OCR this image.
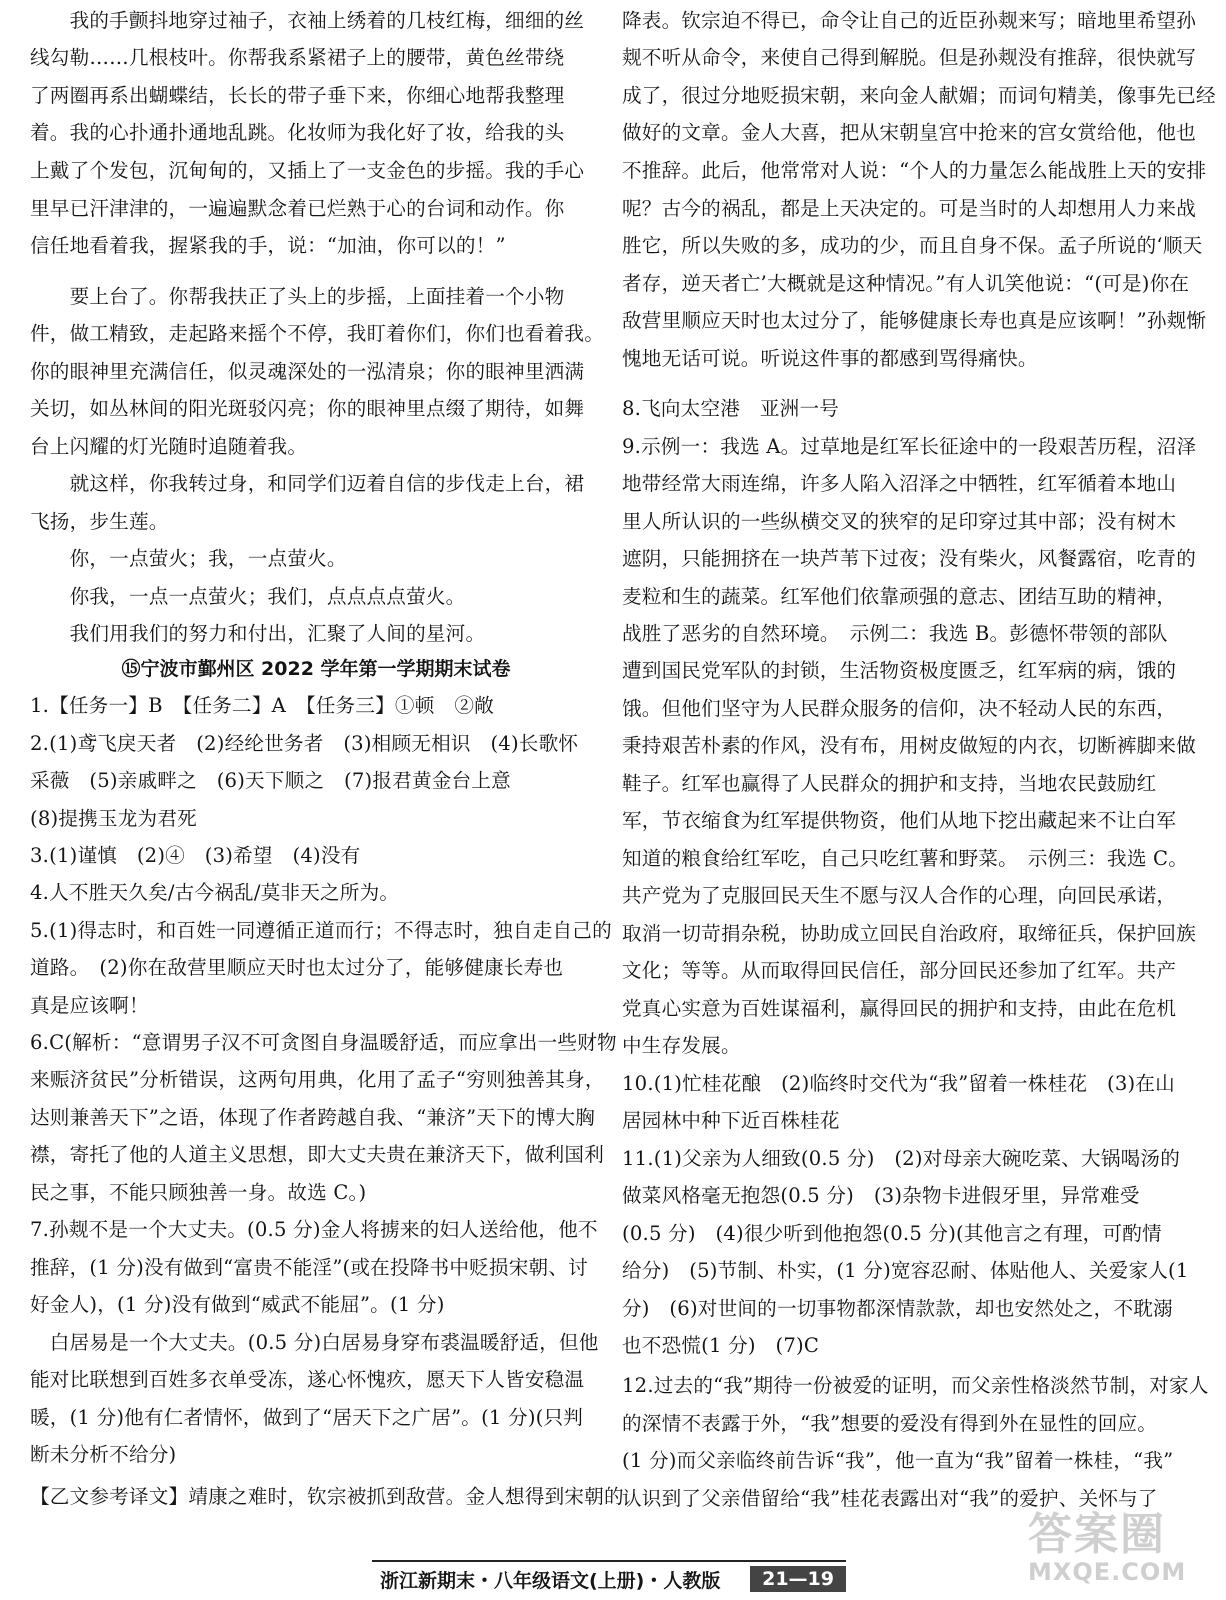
　　我的手颤抖地穿过袖子，衣袖上绣着的几枝红梅，细细的丝
线勾勒……几根枝叶。你帮我系紧裙子上的腰带，黄色丝带绕
了两圈再系出蝴蝶结，长长的带子垂下来，你细心地帮我整理
着。我的心扑通扑通地乱跳。化妆师为我化好了妆，给我的头
上戴了个发包，沉甸甸的，又插上了一支金色的步摇。我的手心
里早已汗津津的，一遍遍默念着已烂熟于心的台词和动作。你
信任地看着我，握紧我的手，说：“加油，你可以的！”
　　要上台了。你帮我扶正了头上的步摇，上面挂着一个小物
件，做工精致，走起路来摇个不停，我盯着你们，你们也看着我。
你的眼神里充满信任，似灵魂深处的一泓清泉；你的眼神里洒满
关切，如丛林间的阳光斑驳闪亮；你的眼神里点缀了期待，如舞
台上闪耀的灯光随时追随着我。
　　就这样，你我转过身，和同学们迈着自信的步伐走上台，裙
飞扬，步生莲。
　　你，一点萤火；我，一点萤火。
　　你我，一点一点萤火；我们，点点点点萤火。
　　我们用我们的努力和付出，汇聚了人间的星河。
⑮宁波市鄞州区 2022 学年第一学期期末试卷
1.【任务一】B　【任务二】A　【任务三】①顿　②敞
2.(1)鸢飞戾天者　(2)经纶世务者　(3)相顾无相识　(4)长歌怀
采薇　(5)亲戚畔之　(6)天下顺之　(7)报君黄金台上意
(8)提携玉龙为君死
3.(1)谨慎　(2)④　(3)希望　(4)没有
4.人不胜天久矣/古今祸乱/莫非天之所为。
5.(1)得志时，和百姓一同遵循正道而行；不得志时，独自走自己的
道路。　(2)你在敌营里顺应天时也太过分了，能够健康长寿也
真是应该啊！
6.C(解析：“意谓男子汉不可贪图自身温暖舒适，而应拿出一些财物
来赈济贫民”分析错误，这两句用典，化用了孟子“穷则独善其身，
达则兼善天下”之语，体现了作者跨越自我、“兼济”天下的博大胸
襟，寄托了他的人道主义思想，即大丈夫贵在兼济天下，做利国利
民之事，不能只顾独善一身。故选 C。)
7.孙觌不是一个大丈夫。(0.5 分)金人将掳来的妇人送给他，他不
推辞，(1 分)没有做到“富贵不能淫”(或在投降书中贬损宋朝、讨
好金人)，(1 分)没有做到“威武不能屈”。(1 分)
　白居易是一个大丈夫。(0.5 分)白居易身穿布裘温暖舒适，但他
能对比联想到百姓多衣单受冻，遂心怀愧疚，愿天下人皆安稳温
暖，(1 分)他有仁者情怀，做到了“居天下之广居”。(1 分)(只判
断未分析不给分)
【乙文参考译文】靖康之难时，钦宗被抓到敌营。金人想得到宋朝的
降表。钦宗迫不得已，命令让自己的近臣孙觌来写；暗地里希望孙
觌不听从命令，来使自己得到解脱。但是孙觌没有推辞，很快就写
成了，很过分地贬损宋朝，来向金人献媚；而词句精美，像事先已经
做好的文章。金人大喜，把从宋朝皇宫中抢来的宫女赏给他，他也
不推辞。此后，他常常对人说：“个人的力量怎么能战胜上天的安排
呢？古今的祸乱，都是上天决定的。可是当时的人却想用人力来战
胜它，所以失败的多，成功的少，而且自身不保。孟子所说的‘顺天
者存，逆天者亡’大概就是这种情况。”有人讥笑他说：“(可是)你在
敌营里顺应天时也太过分了，能够健康长寿也真是应该啊！”孙觌惭
愧地无话可说。听说这件事的都感到骂得痛快。
8.飞向太空港　亚洲一号
9.示例一：我选 A。过草地是红军长征途中的一段艰苦历程，沼泽
地带经常大雨连绵，许多人陷入沼泽之中牺牲，红军循着本地山
里人所认识的一些纵横交叉的狭窄的足印穿过其中部；没有树木
遮阴，只能拥挤在一块芦苇下过夜；没有柴火，风餐露宿，吃青的
麦粒和生的蔬菜。红军他们依靠顽强的意志、团结互助的精神，
战胜了恶劣的自然环境。　示例二：我选 B。彭德怀带领的部队
遭到国民党军队的封锁，生活物资极度匮乏，红军病的病，饿的
饿。但他们坚守为人民群众服务的信仰，决不轻动人民的东西，
秉持艰苦朴素的作风，没有布，用树皮做短的内衣，切断裤脚来做
鞋子。红军也赢得了人民群众的拥护和支持，当地农民鼓励红
军，节衣缩食为红军提供物资，他们从地下挖出藏起来不让白军
知道的粮食给红军吃，自己只吃红薯和野菜。　示例三：我选 C。
共产党为了克服回民天生不愿与汉人合作的心理，向回民承诺，
取消一切苛捐杂税，协助成立回民自治政府，取缔征兵，保护回族
文化；等等。从而取得回民信任，部分回民还参加了红军。共产
党真心实意为百姓谋福利，赢得回民的拥护和支持，由此在危机
中生存发展。
10.(1)忙桂花酿　(2)临终时交代为“我”留着一株桂花　(3)在山
居园林中种下近百株桂花
11.(1)父亲为人细致(0.5 分)　(2)对母亲大碗吃菜、大锅喝汤的
做菜风格毫无抱怨(0.5 分)　(3)杂物卡进假牙里，异常难受
(0.5 分)　(4)很少听到他抱怨(0.5 分)(其他言之有理，可酌情
给分)　(5)节制、朴实，(1 分)宽容忍耐、体贴他人、关爱家人(1
分)　(6)对世间的一切事物都深情款款，却也安然处之，不耽溺
也不恐慌(1 分)　(7)C
12.过去的“我”期待一份被爱的证明，而父亲性格淡然节制，对家人
的深情不表露于外，“我”想要的爱没有得到外在显性的回应。
(1 分)而父亲临终前告诉“我”，他一直为“我”留着一株桂，“我”
认识到了父亲借留给“我”桂花表露出对“我”的爱护、关怀与了
浙江新期末・八年级语文(上册)・人教版	21—19
答案圈
MXQE.COM
